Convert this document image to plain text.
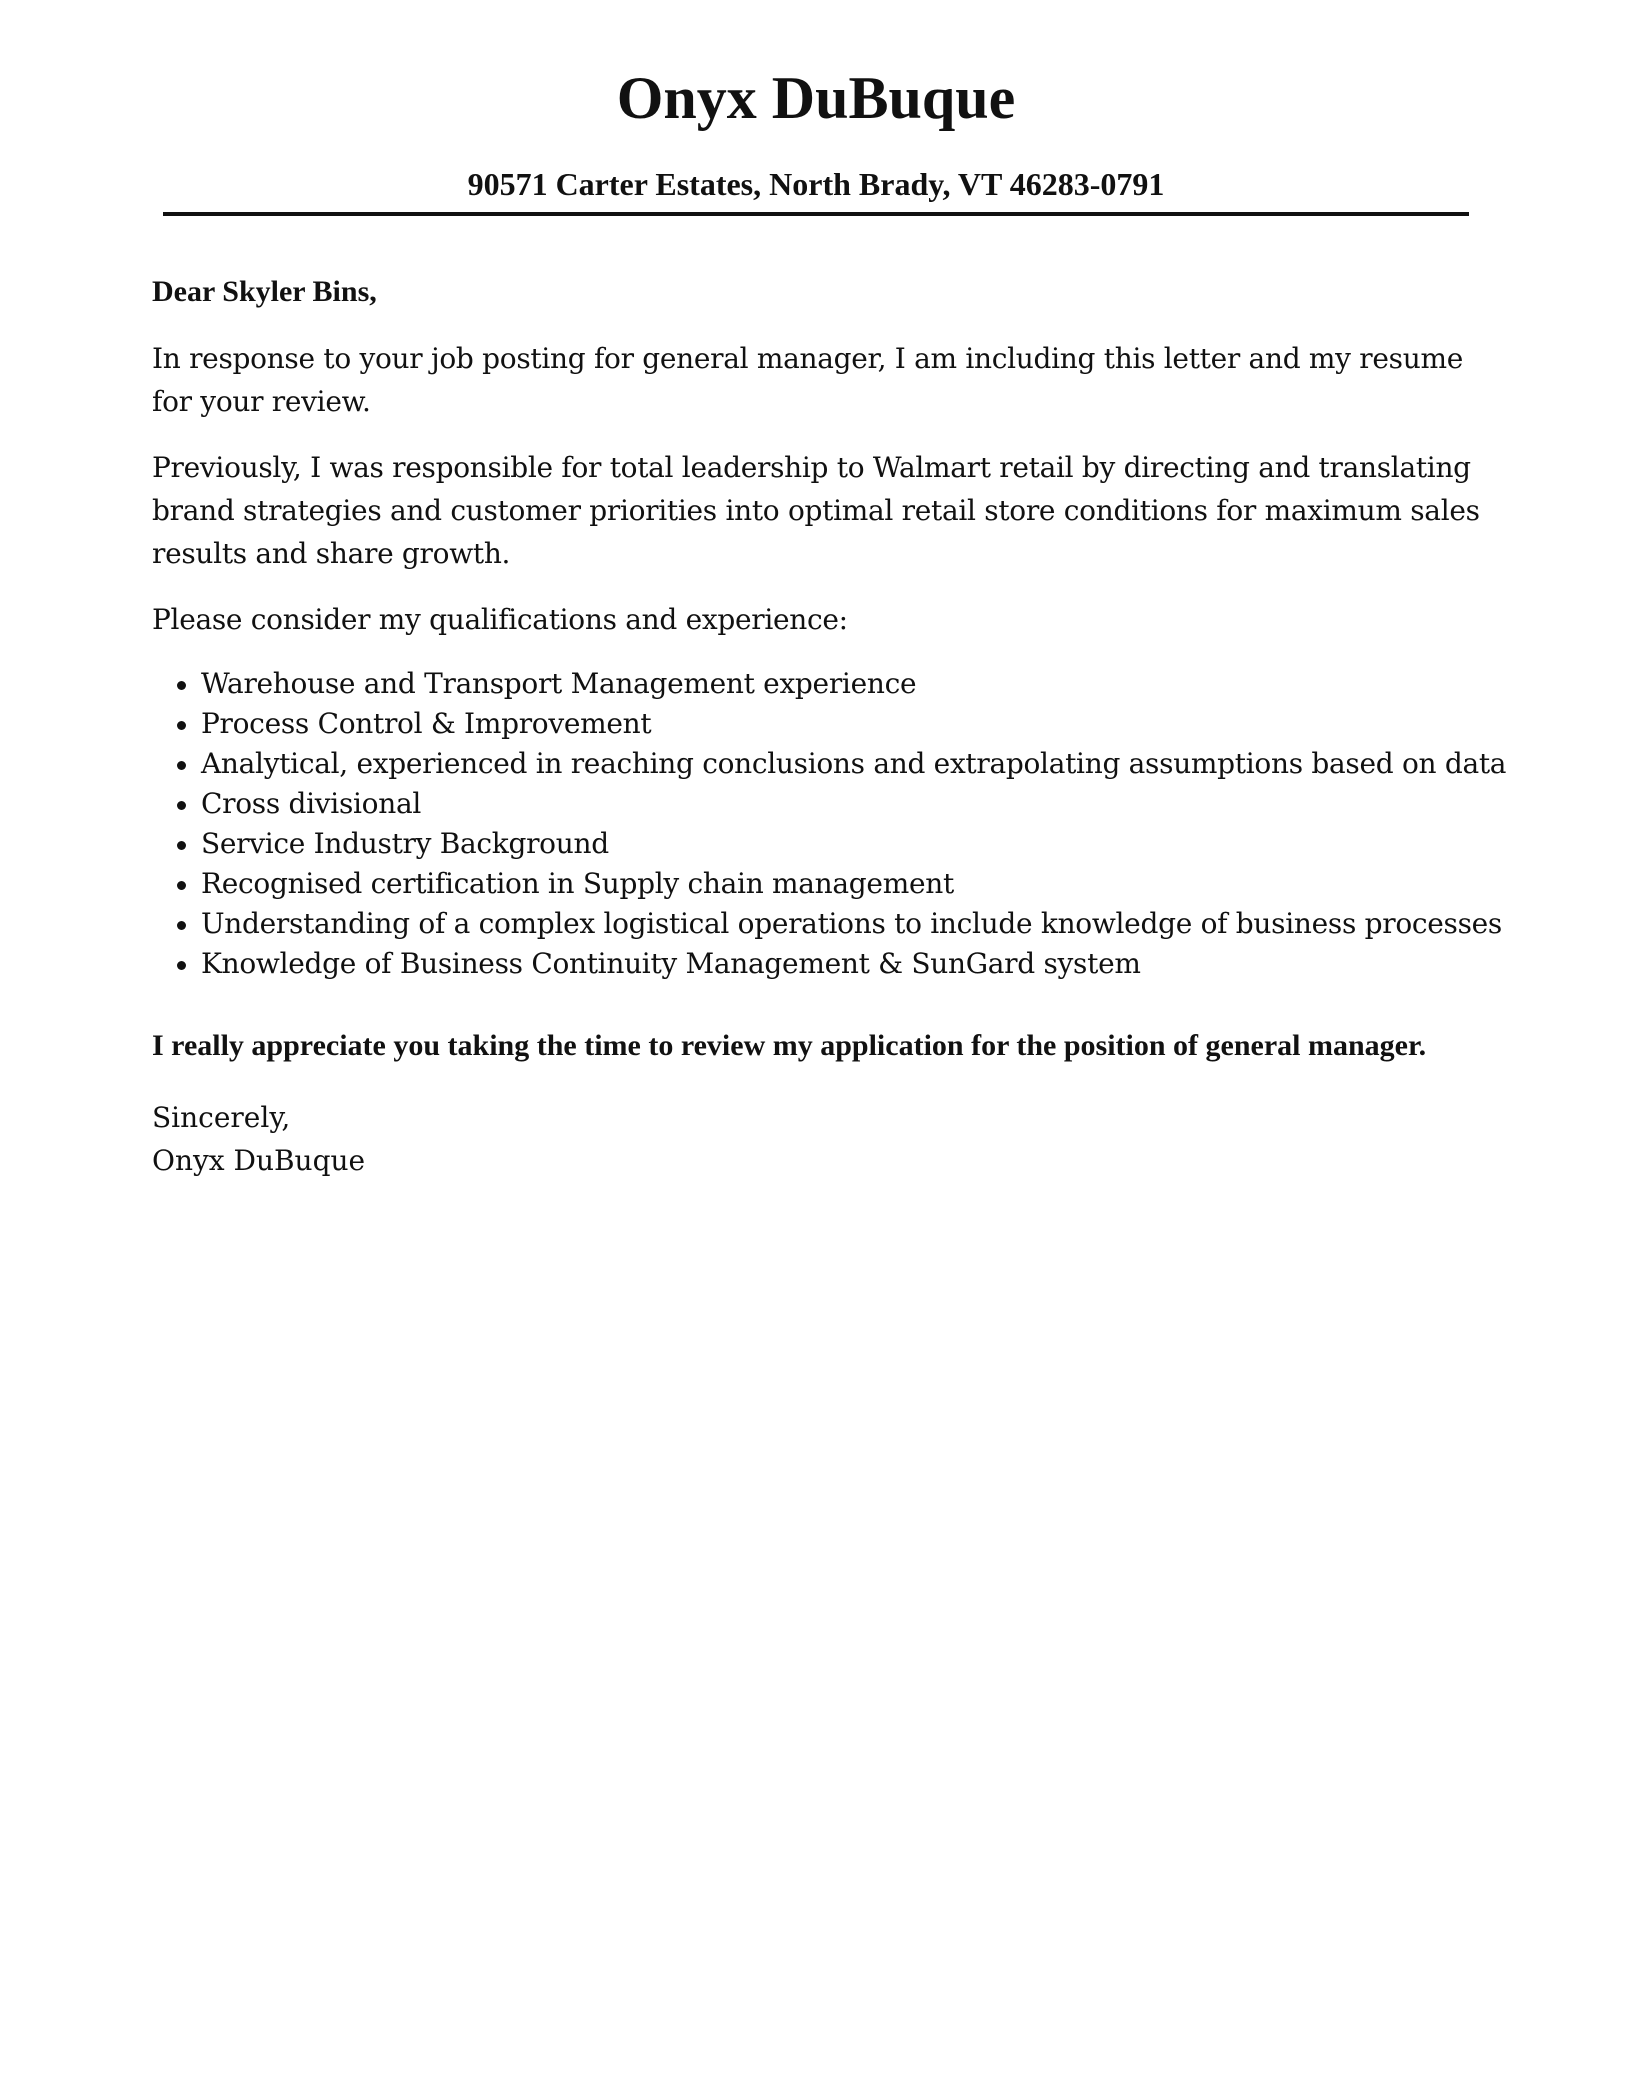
Onyx DuBuque

90571 Carter Estates, North Brady, VT 46283-0791

Dear Skyler Bins,

In response to your job posting for general manager, I am including this letter and my resume for your review.

Previously, I was responsible for total leadership to Walmart retail by directing and translating brand strategies and customer priorities into optimal retail store conditions for maximum sales results and share growth.

Please consider my qualifications and experience:

Warehouse and Transport Management experience
Process Control & Improvement
Analytical, experienced in reaching conclusions and extrapolating assumptions based on data
Cross divisional
Service Industry Background
Recognised certification in Supply chain management
Understanding of a complex logistical operations to include knowledge of business processes
Knowledge of Business Continuity Management & SunGard system

I really appreciate you taking the time to review my application for the position of general manager.

Sincerely,

Onyx DuBuque
